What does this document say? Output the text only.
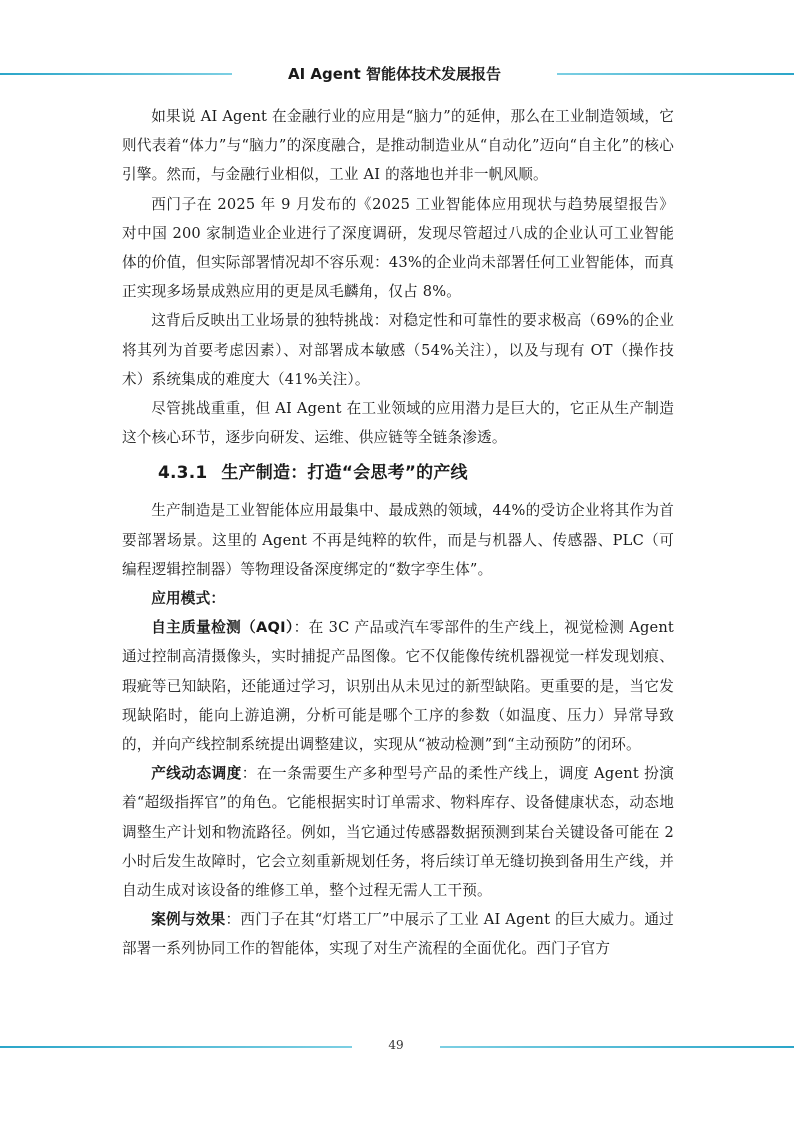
AI Agent 智能体技术发展报告

如果说 AI Agent 在金融行业的应用是“脑力”的延伸，那么在工业制造领域，它则代表着“体力”与“脑力”的深度融合，是推动制造业从“自动化”迈向“自主化”的核心引擎。然而，与金融行业相似，工业 AI 的落地也并非一帆风顺。

西门子在 2025 年 9 月发布的《2025 工业智能体应用现状与趋势展望报告》对中国 200 家制造业企业进行了深度调研，发现尽管超过八成的企业认可工业智能体的价值，但实际部署情况却不容乐观：43%的企业尚未部署任何工业智能体，而真正实现多场景成熟应用的更是凤毛麟角，仅占 8%。

这背后反映出工业场景的独特挑战：对稳定性和可靠性的要求极高（69%的企业将其列为首要考虑因素）、对部署成本敏感（54%关注），以及与现有 OT（操作技术）系统集成的难度大（41%关注）。

尽管挑战重重，但 AI Agent 在工业领域的应用潜力是巨大的，它正从生产制造这个核心环节，逐步向研发、运维、供应链等全链条渗透。

4.3.1 生产制造：打造“会思考”的产线

生产制造是工业智能体应用最集中、最成熟的领域，44%的受访企业将其作为首要部署场景。这里的 Agent 不再是纯粹的软件，而是与机器人、传感器、PLC（可编程逻辑控制器）等物理设备深度绑定的“数字孪生体”。

应用模式：

自主质量检测（AQI）：在 3C 产品或汽车零部件的生产线上，视觉检测 Agent 通过控制高清摄像头，实时捕捉产品图像。它不仅能像传统机器视觉一样发现划痕、瑕疵等已知缺陷，还能通过学习，识别出从未见过的新型缺陷。更重要的是，当它发现缺陷时，能向上游追溯，分析可能是哪个工序的参数（如温度、压力）异常导致的，并向产线控制系统提出调整建议，实现从“被动检测”到“主动预防”的闭环。

产线动态调度：在一条需要生产多种型号产品的柔性产线上，调度 Agent 扮演着“超级指挥官”的角色。它能根据实时订单需求、物料库存、设备健康状态，动态地调整生产计划和物流路径。例如，当它通过传感器数据预测到某台关键设备可能在 2 小时后发生故障时，它会立刻重新规划任务，将后续订单无缝切换到备用生产线，并自动生成对该设备的维修工单，整个过程无需人工干预。

案例与效果：西门子在其“灯塔工厂”中展示了工业 AI Agent 的巨大威力。通过部署一系列协同工作的智能体，实现了对生产流程的全面优化。西门子官方

49
